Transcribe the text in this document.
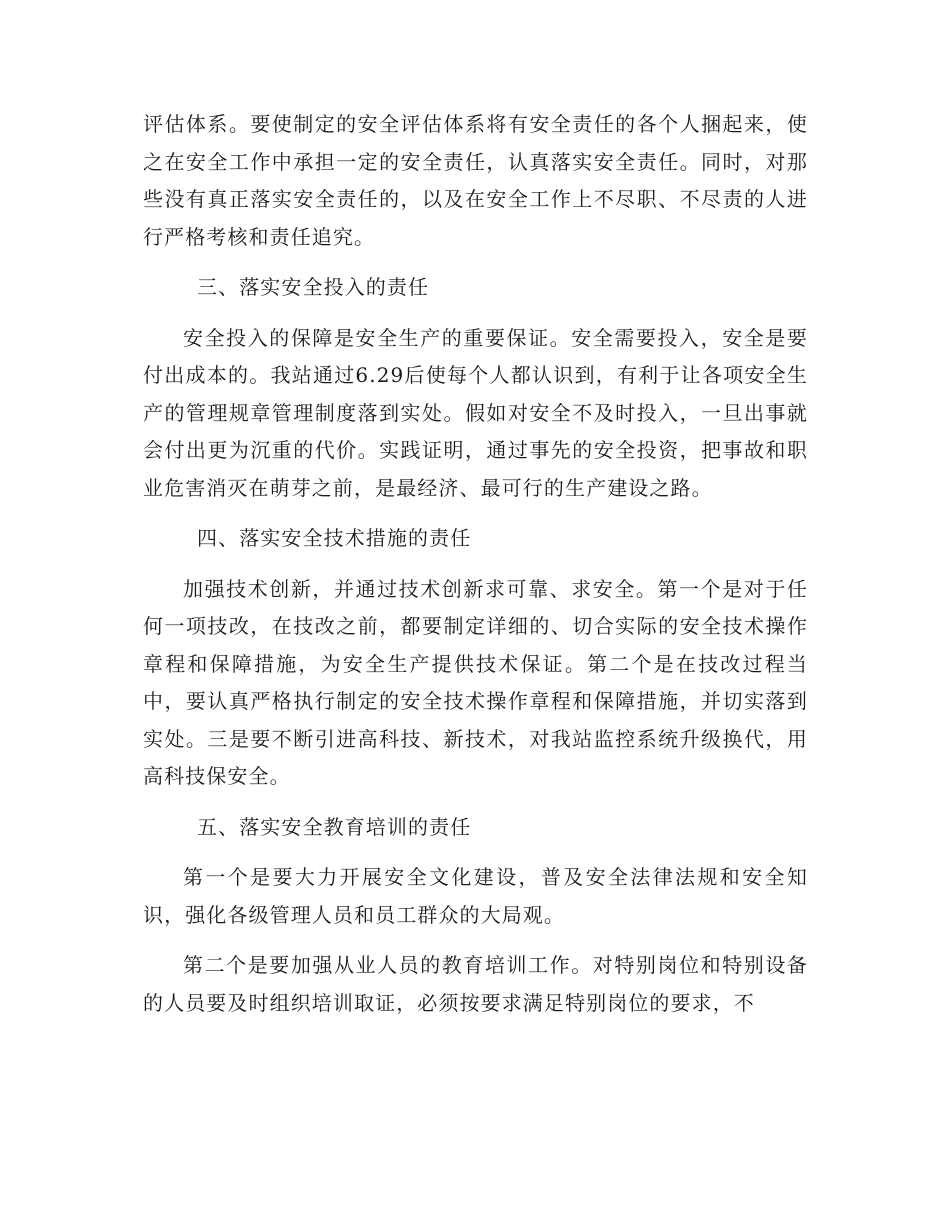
评估体系。要使制定的安全评估体系将有安全责任的各个人捆起来，使之在安全工作中承担一定的安全责任，认真落实安全责任。同时，对那些没有真正落实安全责任的，以及在安全工作上不尽职、不尽责的人进行严格考核和责任追究。

三、落实安全投入的责任

安全投入的保障是安全生产的重要保证。安全需要投入，安全是要付出成本的。我站通过6.29后使每个人都认识到，有利于让各项安全生产的管理规章管理制度落到实处。假如对安全不及时投入，一旦出事就会付出更为沉重的代价。实践证明，通过事先的安全投资，把事故和职业危害消灭在萌芽之前，是最经济、最可行的生产建设之路。

四、落实安全技术措施的责任

加强技术创新，并通过技术创新求可靠、求安全。第一个是对于任何一项技改，在技改之前，都要制定详细的、切合实际的安全技术操作章程和保障措施，为安全生产提供技术保证。第二个是在技改过程当中，要认真严格执行制定的安全技术操作章程和保障措施，并切实落到实处。三是要不断引进高科技、新技术，对我站监控系统升级换代，用高科技保安全。

五、落实安全教育培训的责任

第一个是要大力开展安全文化建设，普及安全法律法规和安全知识，强化各级管理人员和员工群众的大局观。

第二个是要加强从业人员的教育培训工作。对特别岗位和特别设备的人员要及时组织培训取证，必须按要求满足特别岗位的要求，不
